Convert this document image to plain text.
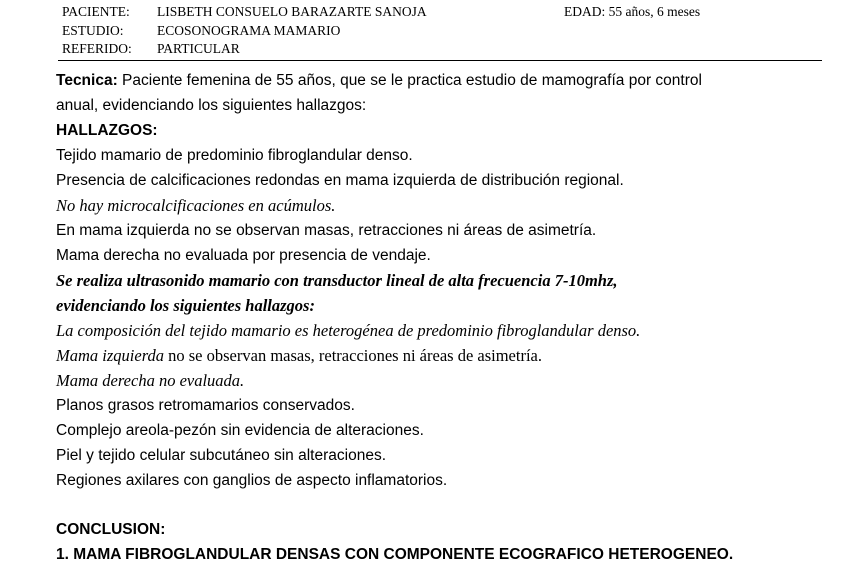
PACIENTE: LISBETH CONSUELO BARAZARTE SANOJA	EDAD: 55 años, 6 meses
ESTUDIO: ECOSONOGRAMA MAMARIO
REFERIDO: PARTICULAR
Tecnica: Paciente femenina de 55 años, que se le practica estudio de mamografía por control
anual, evidenciando los siguientes hallazgos:
HALLAZGOS:
Tejido mamario de predominio fibroglandular denso.
Presencia de calcificaciones redondas en mama izquierda de distribución regional.
No hay microcalcificaciones en acúmulos.
En mama izquierda no se observan masas, retracciones ni áreas de asimetría.
Mama derecha no evaluada por presencia de vendaje.
Se realiza ultrasonido mamario con transductor lineal de alta frecuencia 7-10mhz,
evidenciando los siguientes hallazgos:
La composición del tejido mamario es heterogénea de predominio fibroglandular denso.
Mama izquierda no se observan masas, retracciones ni áreas de asimetría.
Mama derecha no evaluada.
Planos grasos retromamarios conservados.
Complejo areola-pezón sin evidencia de alteraciones.
Piel y tejido celular subcutáneo sin alteraciones.
Regiones axilares con ganglios de aspecto inflamatorios.
CONCLUSION:
1. MAMA FIBROGLANDULAR DENSAS CON COMPONENTE ECOGRAFICO HETEROGENEO.
